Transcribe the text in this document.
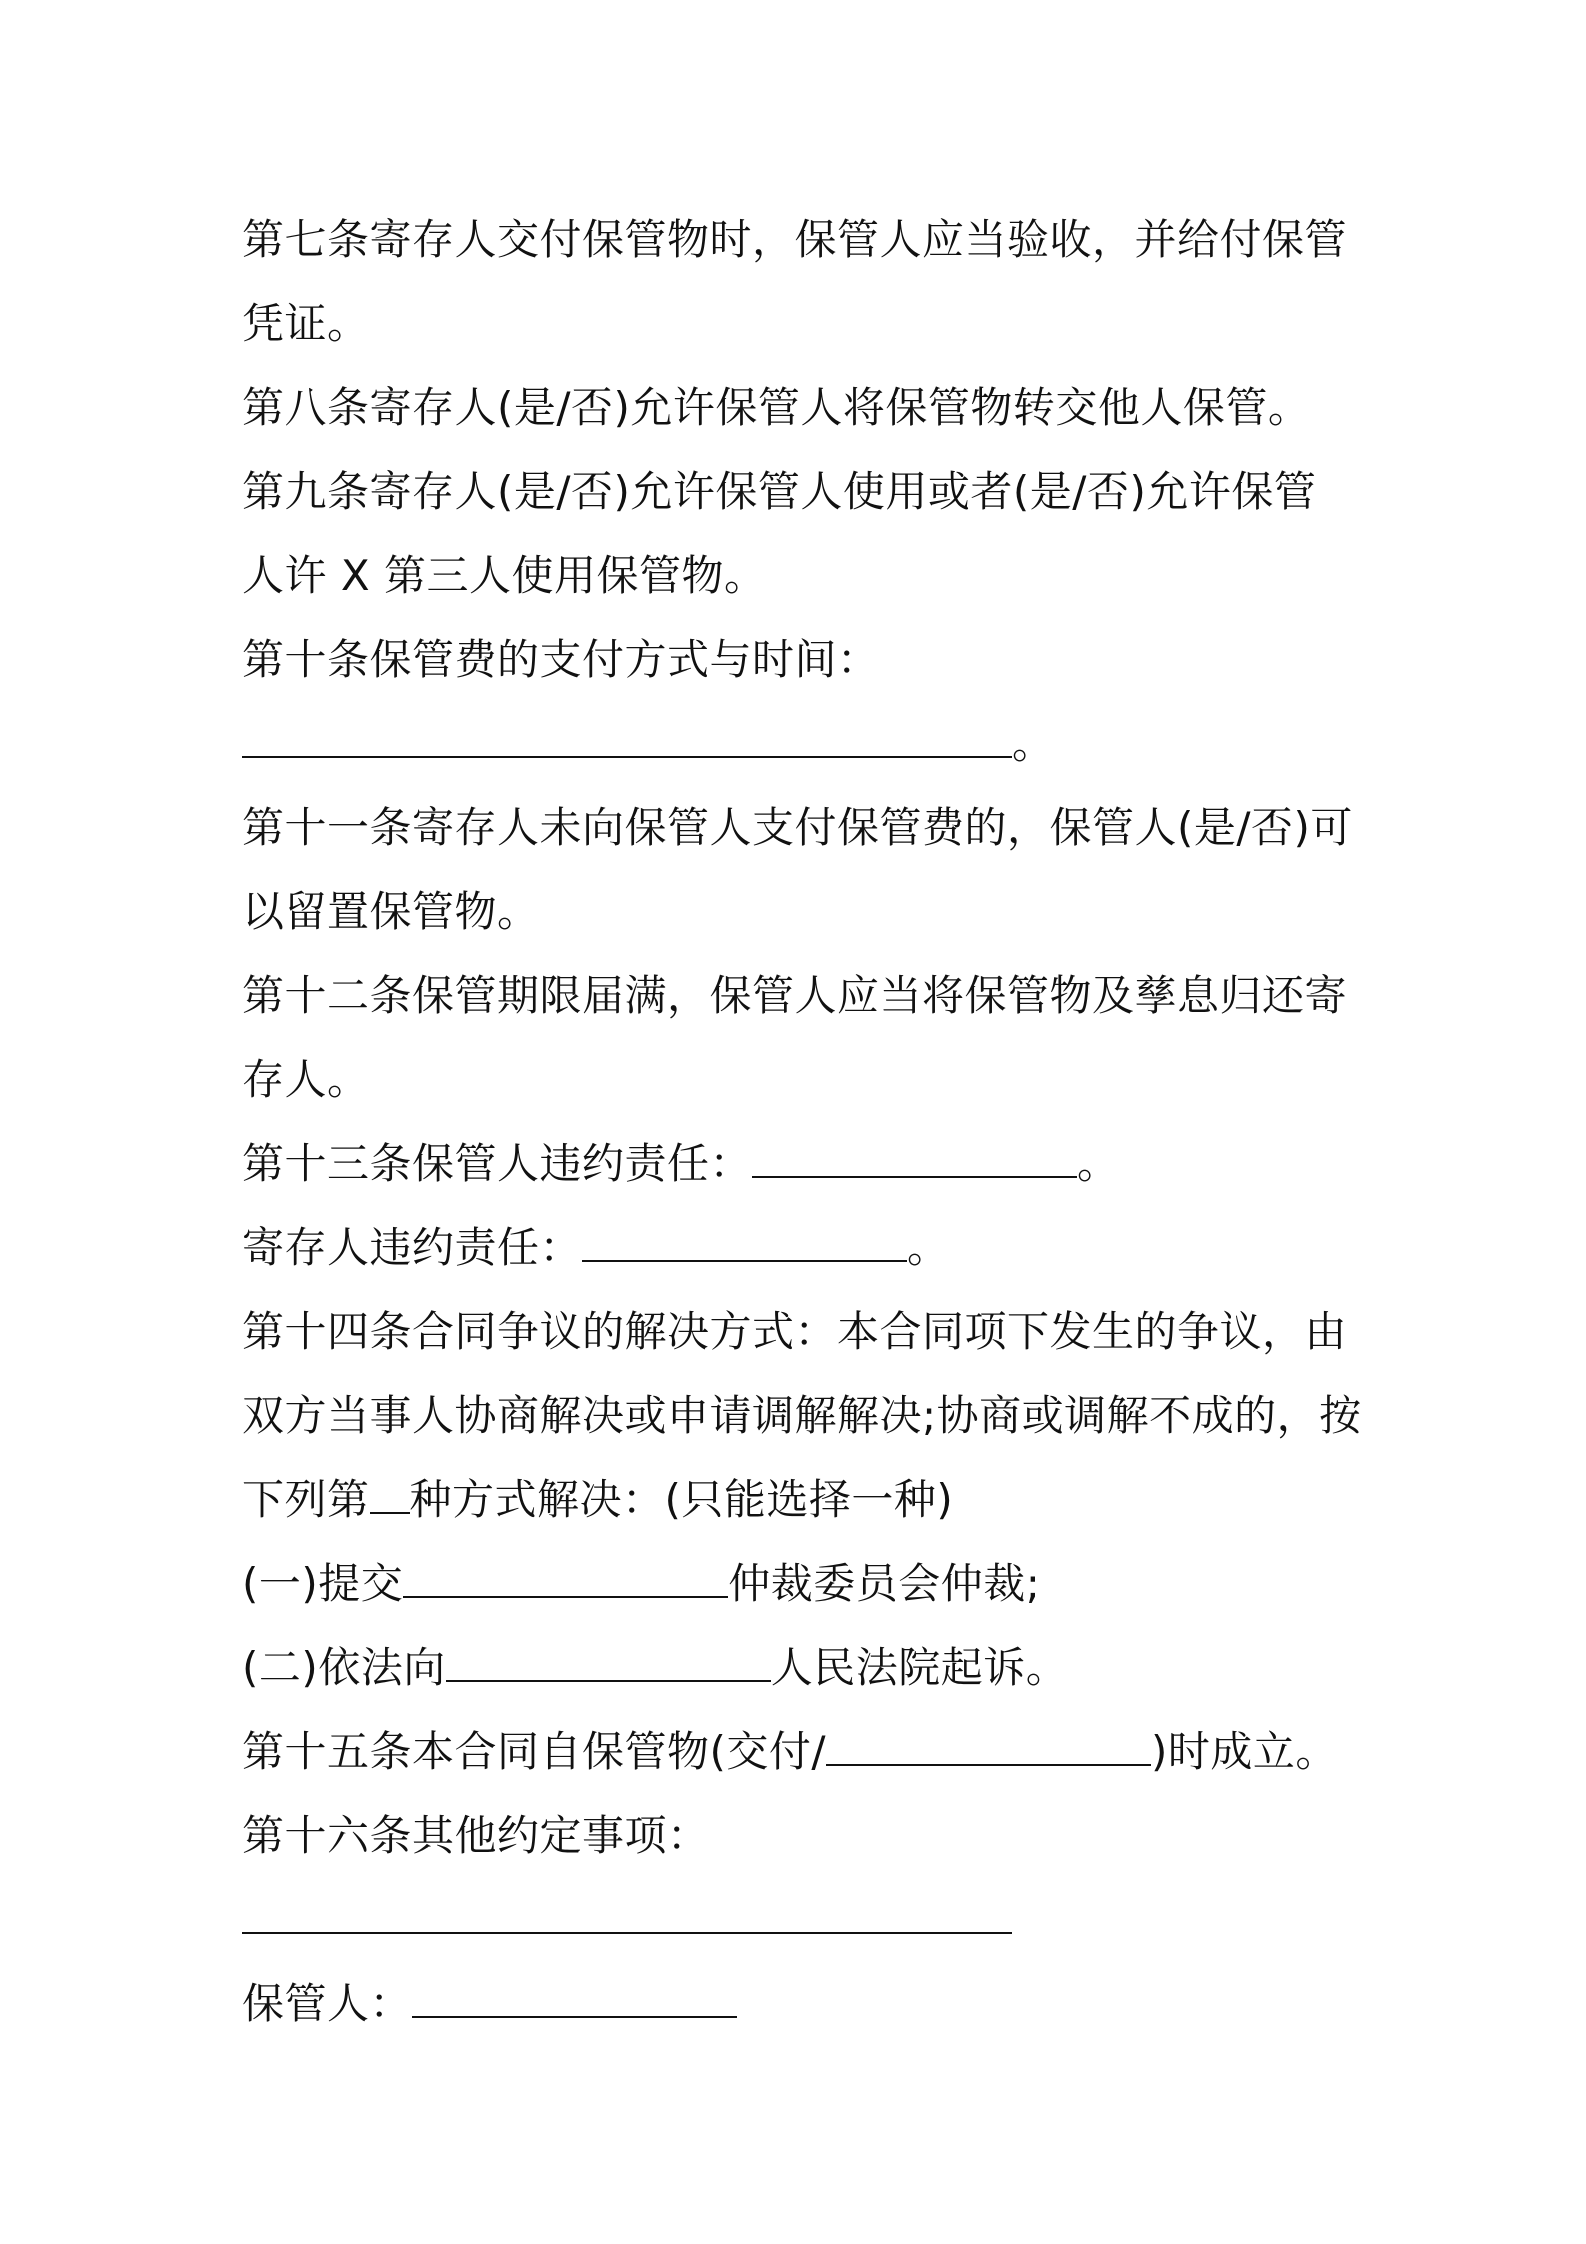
第七条寄存人交付保管物时，保管人应当验收，并给付保管
凭证。
第八条寄存人(是/否)允许保管人将保管物转交他人保管。
第九条寄存人(是/否)允许保管人使用或者(是/否)允许保管
人许 X 第三人使用保管物。
第十条保管费的支付方式与时间：
。
第十一条寄存人未向保管人支付保管费的，保管人(是/否)可
以留置保管物。
第十二条保管期限届满，保管人应当将保管物及孳息归还寄
存人。
第十三条保管人违约责任：	。
寄存人违约责任：	。
第十四条合同争议的解决方式：本合同项下发生的争议，由
双方当事人协商解决或申请调解解决;协商或调解不成的，按
下列第 种方式解决：(只能选择一种)
(一)提交	仲裁委员会仲裁;
(二)依法向	人民法院起诉。
第十五条本合同自保管物(交付/	)时成立。
第十六条其他约定事项：
保管人：
